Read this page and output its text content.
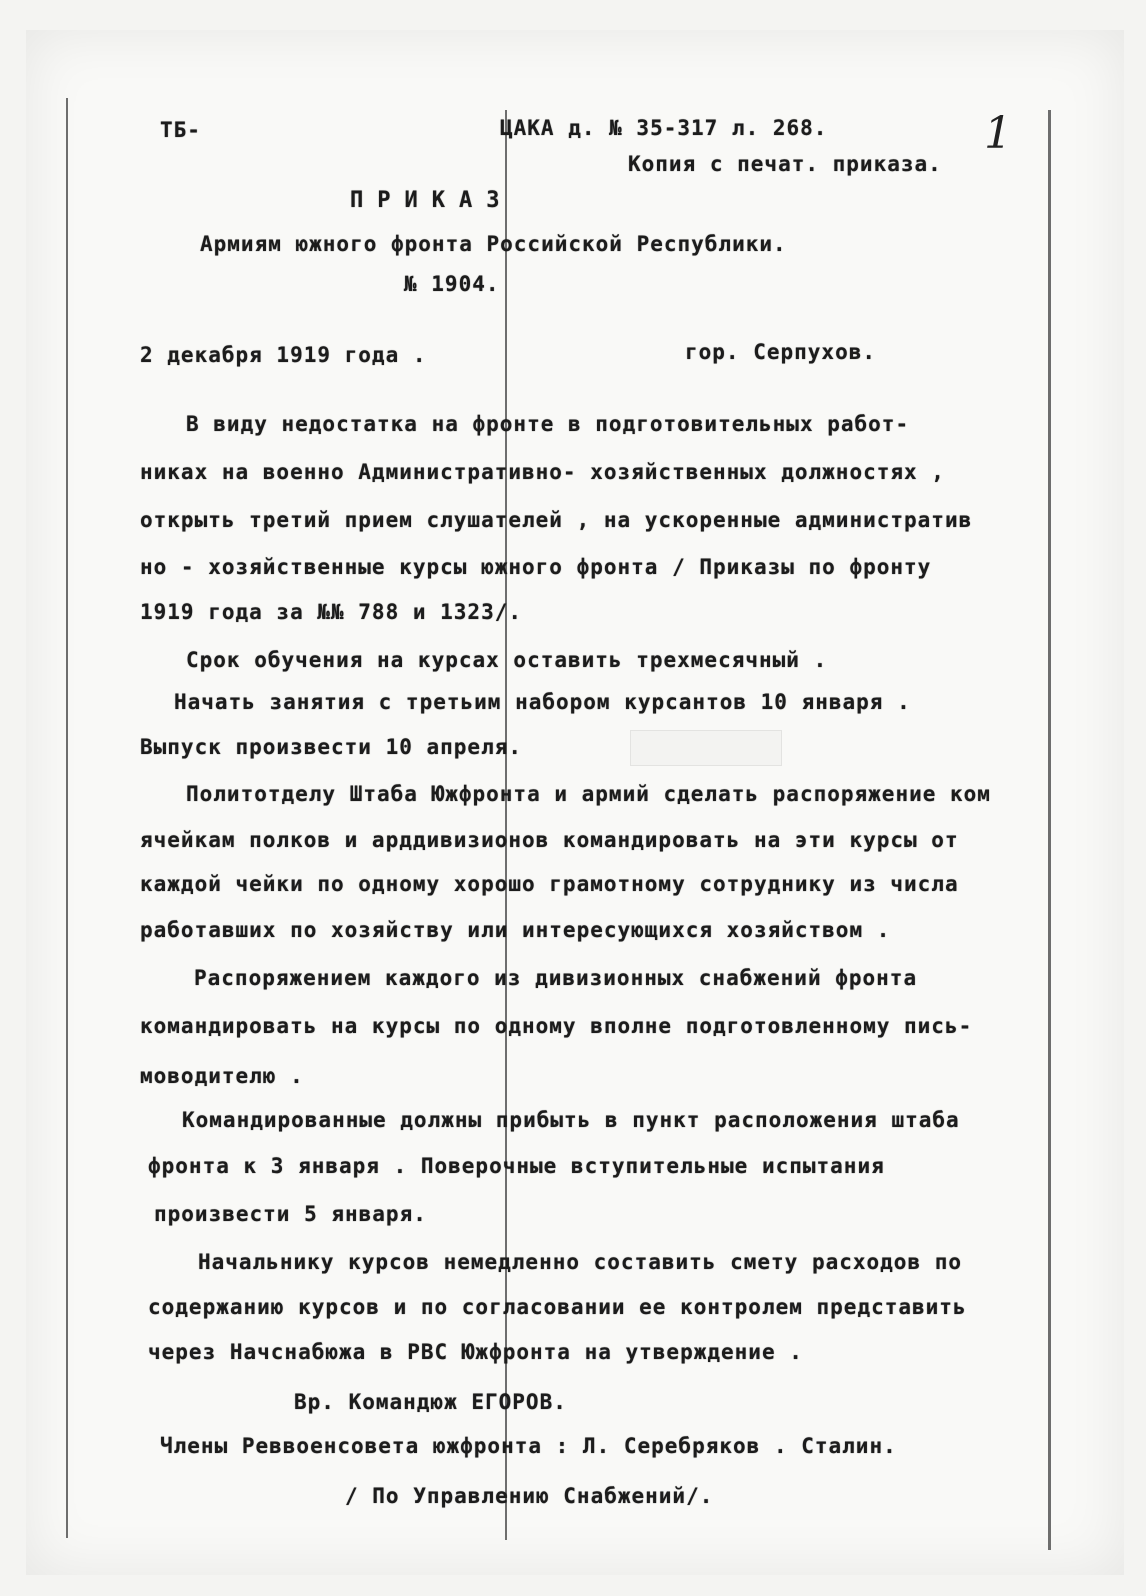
1
ТБ-	ЦАКА д. № 35-317 л. 268.
Копия с печат. приказа.
ПРИКАЗ
Армиям южного фронта Российской Республики.
№ 1904.
2 декабря 1919 года .	гор. Серпухов.
В виду недостатка на фронте в подготовительных работ-
никах на военно Административно- хозяйственных должностях ,
открыть третий прием слушателей , на ускоренные административ
но - хозяйственные курсы южного фронта / Приказы по фронту
1919 года за №№ 788 и 1323/.
Срок обучения на курсах оставить трехмесячный .
Начать занятия с третьим набором курсантов 10 января .
Выпуск произвести 10 апреля.
Политотделу Штаба Южфронта и армий сделать распоряжение ком
ячейкам полков и арддивизионов командировать на эти курсы от
каждой чейки по одному хорошо грамотному сотруднику из числа
работавших по хозяйству или интересующихся хозяйством .
Распоряжением каждого из дивизионных снабжений фронта
командировать на курсы по одному вполне подготовленному пись-
моводителю .
Командированные должны прибыть в пункт расположения штаба
фронта к 3 января . Поверочные вступительные испытания
произвести 5 января.
Начальнику курсов немедленно составить смету расходов по
содержанию курсов и по согласовании ее контролем представить
через Начснабюжа в РВС Южфронта на утверждение .
Вр. Командюж ЕГОРОВ.
Члены Реввоенсовета южфронта : Л. Серебряков . Сталин.
/ По Управлению Снабжений/.
